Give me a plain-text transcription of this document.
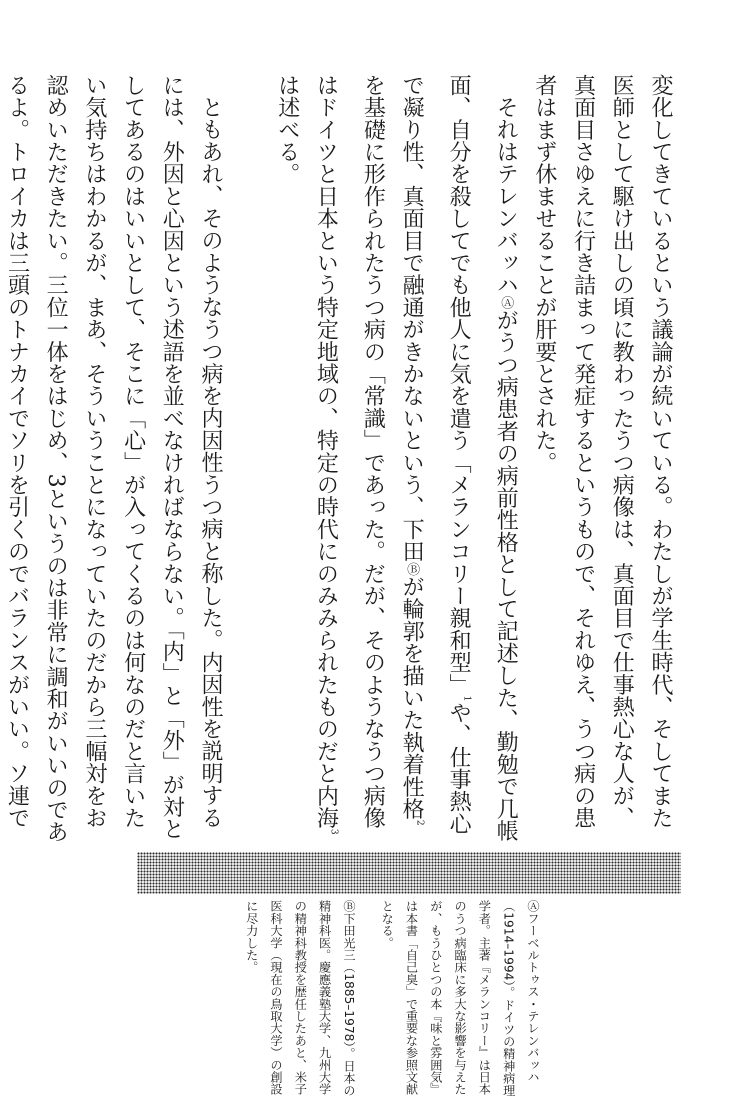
変化してきているという議論が続いている。わたしが学生時代、そしてまた医師として駆け出しの頃に教わったうつ病像は、真面目で仕事熱心な人が、真面目さゆえに行き詰まって発症するというもので、それゆえ、うつ病の患者はまず休ませることが肝要とされた。

それはテレンバッハⒶがうつ病患者の病前性格として記述した、勤勉で几帳面、自分を殺してでも他人に気を遣う「メランコリー親和型」$^1$や、仕事熱心で凝り性、真面目で融通がきかないという、下田Ⓑが輪郭を描いた執着性格$^2$を基礎に形作られたうつ病の「常識」であった。だが、そのようなうつ病像はドイツと日本という特定地域の、特定の時代にのみみられたものだと内海$^3$は述べる。

ともあれ、そのようなうつ病を内因性うつ病と称した。内因性を説明するには、外因と心因という述語を並べなければならない。「内」と「外」が対としてあるのはいいとして、そこに「心」が入ってくるのは何なのだと言いたい気持ちはわかるが、まあ、そういうことになっていたのだから三幅対をお認めいただきたい。三位一体をはじめ、3というのは非常に調和がいいのであるよ。トロイカは三頭のトナカイでソリを引くのでバランスがいい。ソ連で

Ⓐフーベルトゥス・テレンバッハ（1914–1994）。ドイツの精神病理学者。主著『メランコリー』は日本のうつ病臨床に多大な影響を与えたが、もうひとつの本『味と雰囲気』は本書「自己臭」で重要な参照文献となる。

Ⓑ下田光三（1885–1978）。日本の精神科医。慶應義塾大学、九州大学の精神科教授を歴任したあと、米子医科大学（現在の鳥取大学）の創設に尽力した。
